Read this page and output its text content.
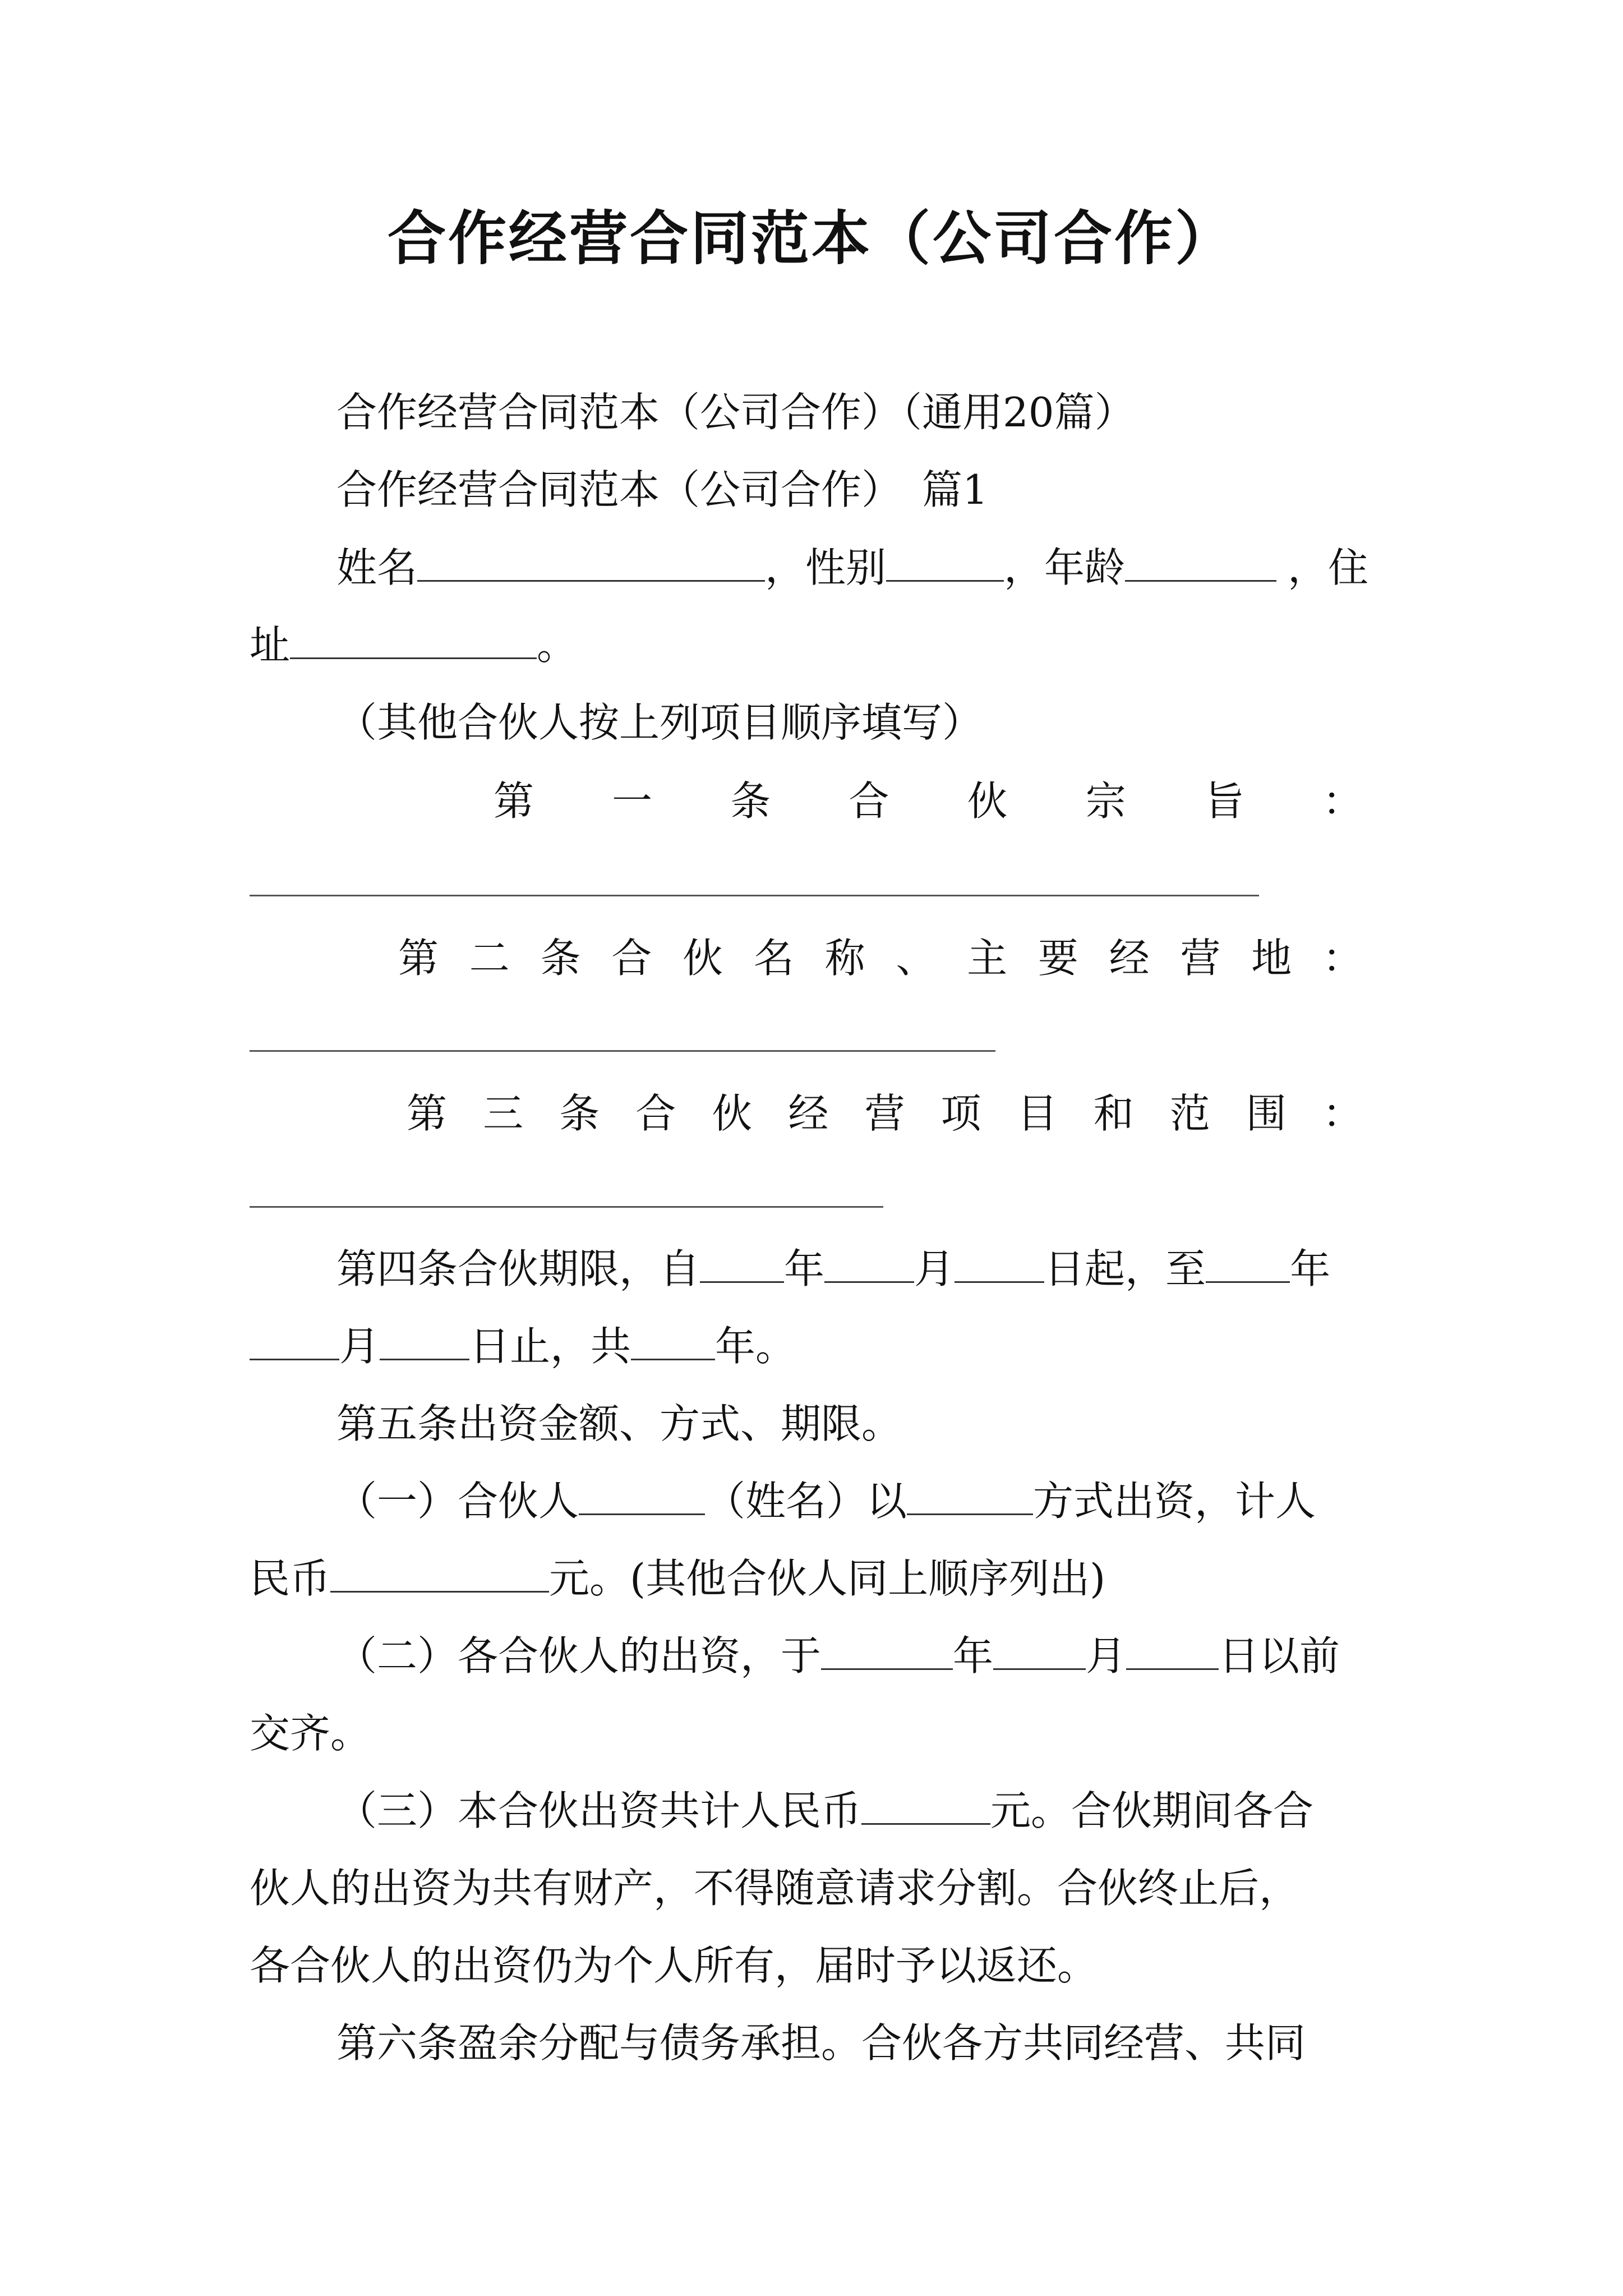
合作经营合同范本（公司合作）
合作经营合同范本（公司合作）（通用20篇）
合作经营合同范本（公司合作）　篇1
姓名	，性别	，年龄	，住
址	。
（其他合伙人按上列项目顺序填写）
第 一 条 合 伙 宗 旨 ：
第 二 条 合 伙 名 称 、 主 要 经 营 地 ：
第 三 条 合 伙 经 营 项 目 和 范 围 ：
第四条合伙期限，自 年 月 日起，至 年
月 日止，共 年。
第五条出资金额、方式、期限。
（一）合伙人	（姓名）以	方式出资，计人
民币	元。(其他合伙人同上顺序列出)
（二）各合伙人的出资，于	年 月 日以前
交齐。
（三）本合伙出资共计人民币	元。合伙期间各合
伙人的出资为共有财产，不得随意请求分割。合伙终止后，
各合伙人的出资仍为个人所有，届时予以返还。
第六条盈余分配与债务承担。合伙各方共同经营、共同
